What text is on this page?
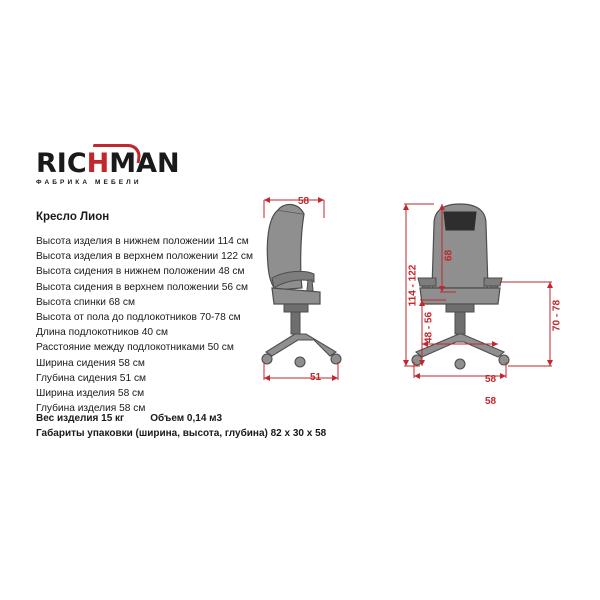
RICHMAN
ФАБРИКА МЕБЕЛИ
Кресло Лион
Высота изделия в нижнем положении 114 см
Высота изделия в верхнем положении 122 см
Высота сидения в нижнем положении 48 см
Высота сидения в верхнем положении 56 см
Высота спинки 68 см
Высота от пола до подлокотников 70-78 см
Длина подлокотников 40 см
Расстояние между подлокотниками 50 см
Ширина сидения 58 см
Глубина сидения 51 см
Ширина изделия 58 см
Глубина изделия 58 см
Вес изделия 15 кг	Объем 0,14 м3
Габариты упаковки (ширина, высота, глубина) 82 х 30 х 58
58
51
114 - 122
48 - 56
68
70 - 78
58
58
